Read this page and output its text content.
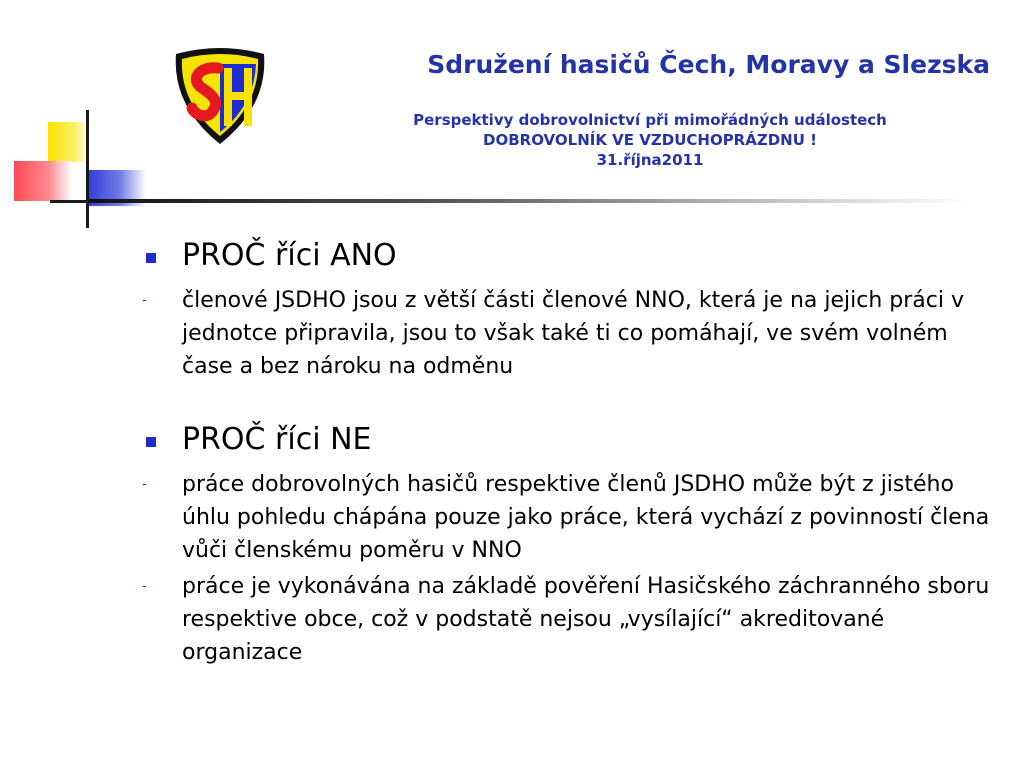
Sdružení hasičů Čech, Moravy a Slezska
Perspektivy dobrovolnictví při mimořádných událostech
DOBROVOLNÍK VE VZDUCHOPRÁZDNU !
31.října2011
PROČ říci ANO
- členové JSDHO jsou z větší části členové NNO, která je na jejich práci v jednotce připravila, jsou to však také ti co pomáhají, ve svém volném čase a bez nároku na odměnu
PROČ říci NE
- práce dobrovolných hasičů respektive členů JSDHO může být z jistého úhlu pohledu chápána pouze jako práce, která vychází z povinností člena vůči členskému poměru v NNO
- práce je vykonávána na základě pověření Hasičského záchranného sboru respektive obce, což v podstatě nejsou „vysílající“ akreditované organizace
